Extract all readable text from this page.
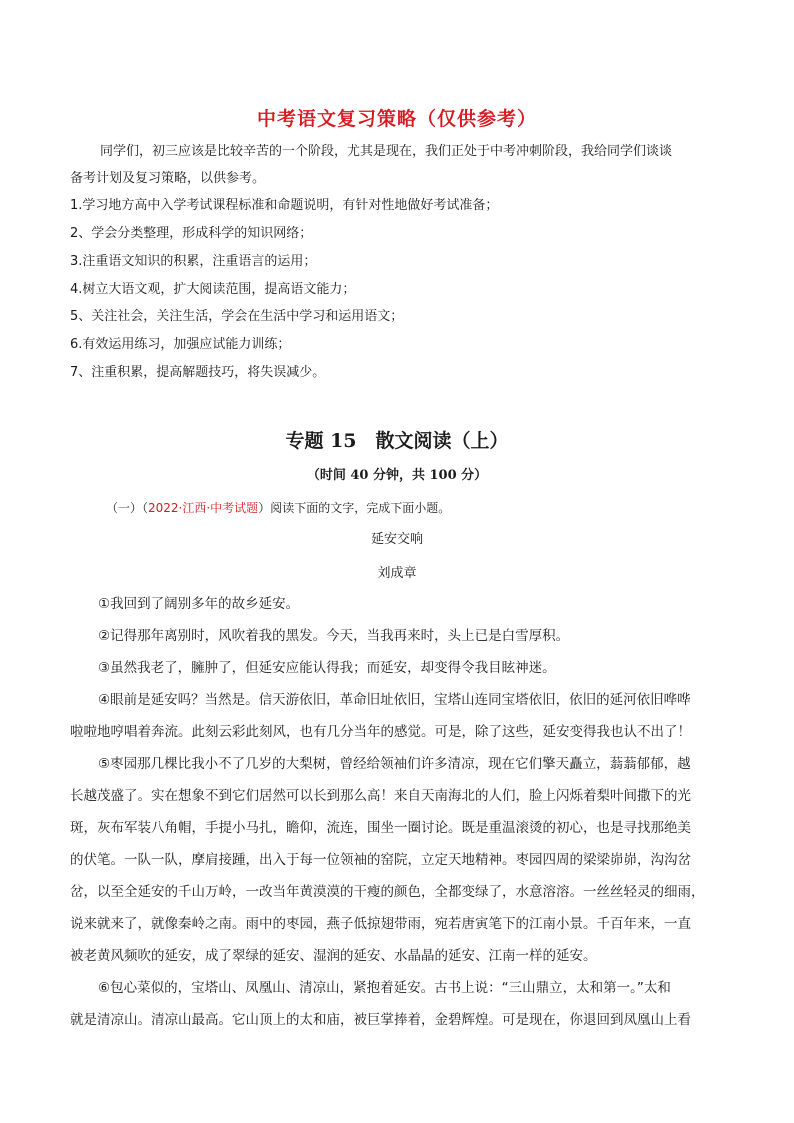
中考语文复习策略（仅供参考）
同学们，初三应该是比较辛苦的一个阶段，尤其是现在，我们正处于中考冲刺阶段，我给同学们谈谈
备考计划及复习策略，以供参考。
1.学习地方高中入学考试课程标准和命题说明，有针对性地做好考试准备；
2、学会分类整理，形成科学的知识网络；
3.注重语文知识的积累，注重语言的运用；
4.树立大语文观，扩大阅读范围，提高语文能力；
5、关注社会，关注生活，学会在生活中学习和运用语文；
6.有效运用练习，加强应试能力训练；
7、注重积累，提高解题技巧，将失误减少。
专题 15　散文阅读（上）
（时间 40 分钟，共 100 分）
（一）（2022·江西·中考试题）阅读下面的文字，完成下面小题。
延安交响
刘成章
①我回到了阔别多年的故乡延安。
②记得那年离别时，风吹着我的黑发。今天，当我再来时，头上已是白雪厚积。
③虽然我老了，臃肿了，但延安应能认得我；而延安，却变得令我目眩神迷。
④眼前是延安吗？当然是。信天游依旧，革命旧址依旧，宝塔山连同宝塔依旧，依旧的延河依旧哗哗
啦啦地哼唱着奔流。此刻云彩此刻风，也有几分当年的感觉。可是，除了这些，延安变得我也认不出了！
⑤枣园那几棵比我小不了几岁的大梨树，曾经给领袖们许多清凉，现在它们擎天矗立，蓊蓊郁郁，越
长越茂盛了。实在想象不到它们居然可以长到那么高！来自天南海北的人们，脸上闪烁着梨叶间撒下的光
斑，灰布军装八角帽，手提小马扎，瞻仰，流连，围坐一圈讨论。既是重温滚烫的初心，也是寻找那绝美
的伏笔。一队一队，摩肩接踵，出入于每一位领袖的窑院，立定天地精神。枣园四周的梁梁峁峁，沟沟岔
岔，以至全延安的千山万岭，一改当年黄漠漠的干瘦的颜色，全都变绿了，水意溶溶。一丝丝轻灵的细雨，
说来就来了，就像秦岭之南。雨中的枣园，燕子低掠翅带雨，宛若唐寅笔下的江南小景。千百年来，一直
被老黄风频吹的延安，成了翠绿的延安、湿润的延安、水晶晶的延安、江南一样的延安。
⑥包心菜似的，宝塔山、凤凰山、清凉山，紧抱着延安。古书上说：“三山鼎立，太和第一。”太和
就是清凉山。清凉山最高。它山顶上的太和庙，被巨掌捧着，金碧辉煌。可是现在，你退回到凤凰山上看
